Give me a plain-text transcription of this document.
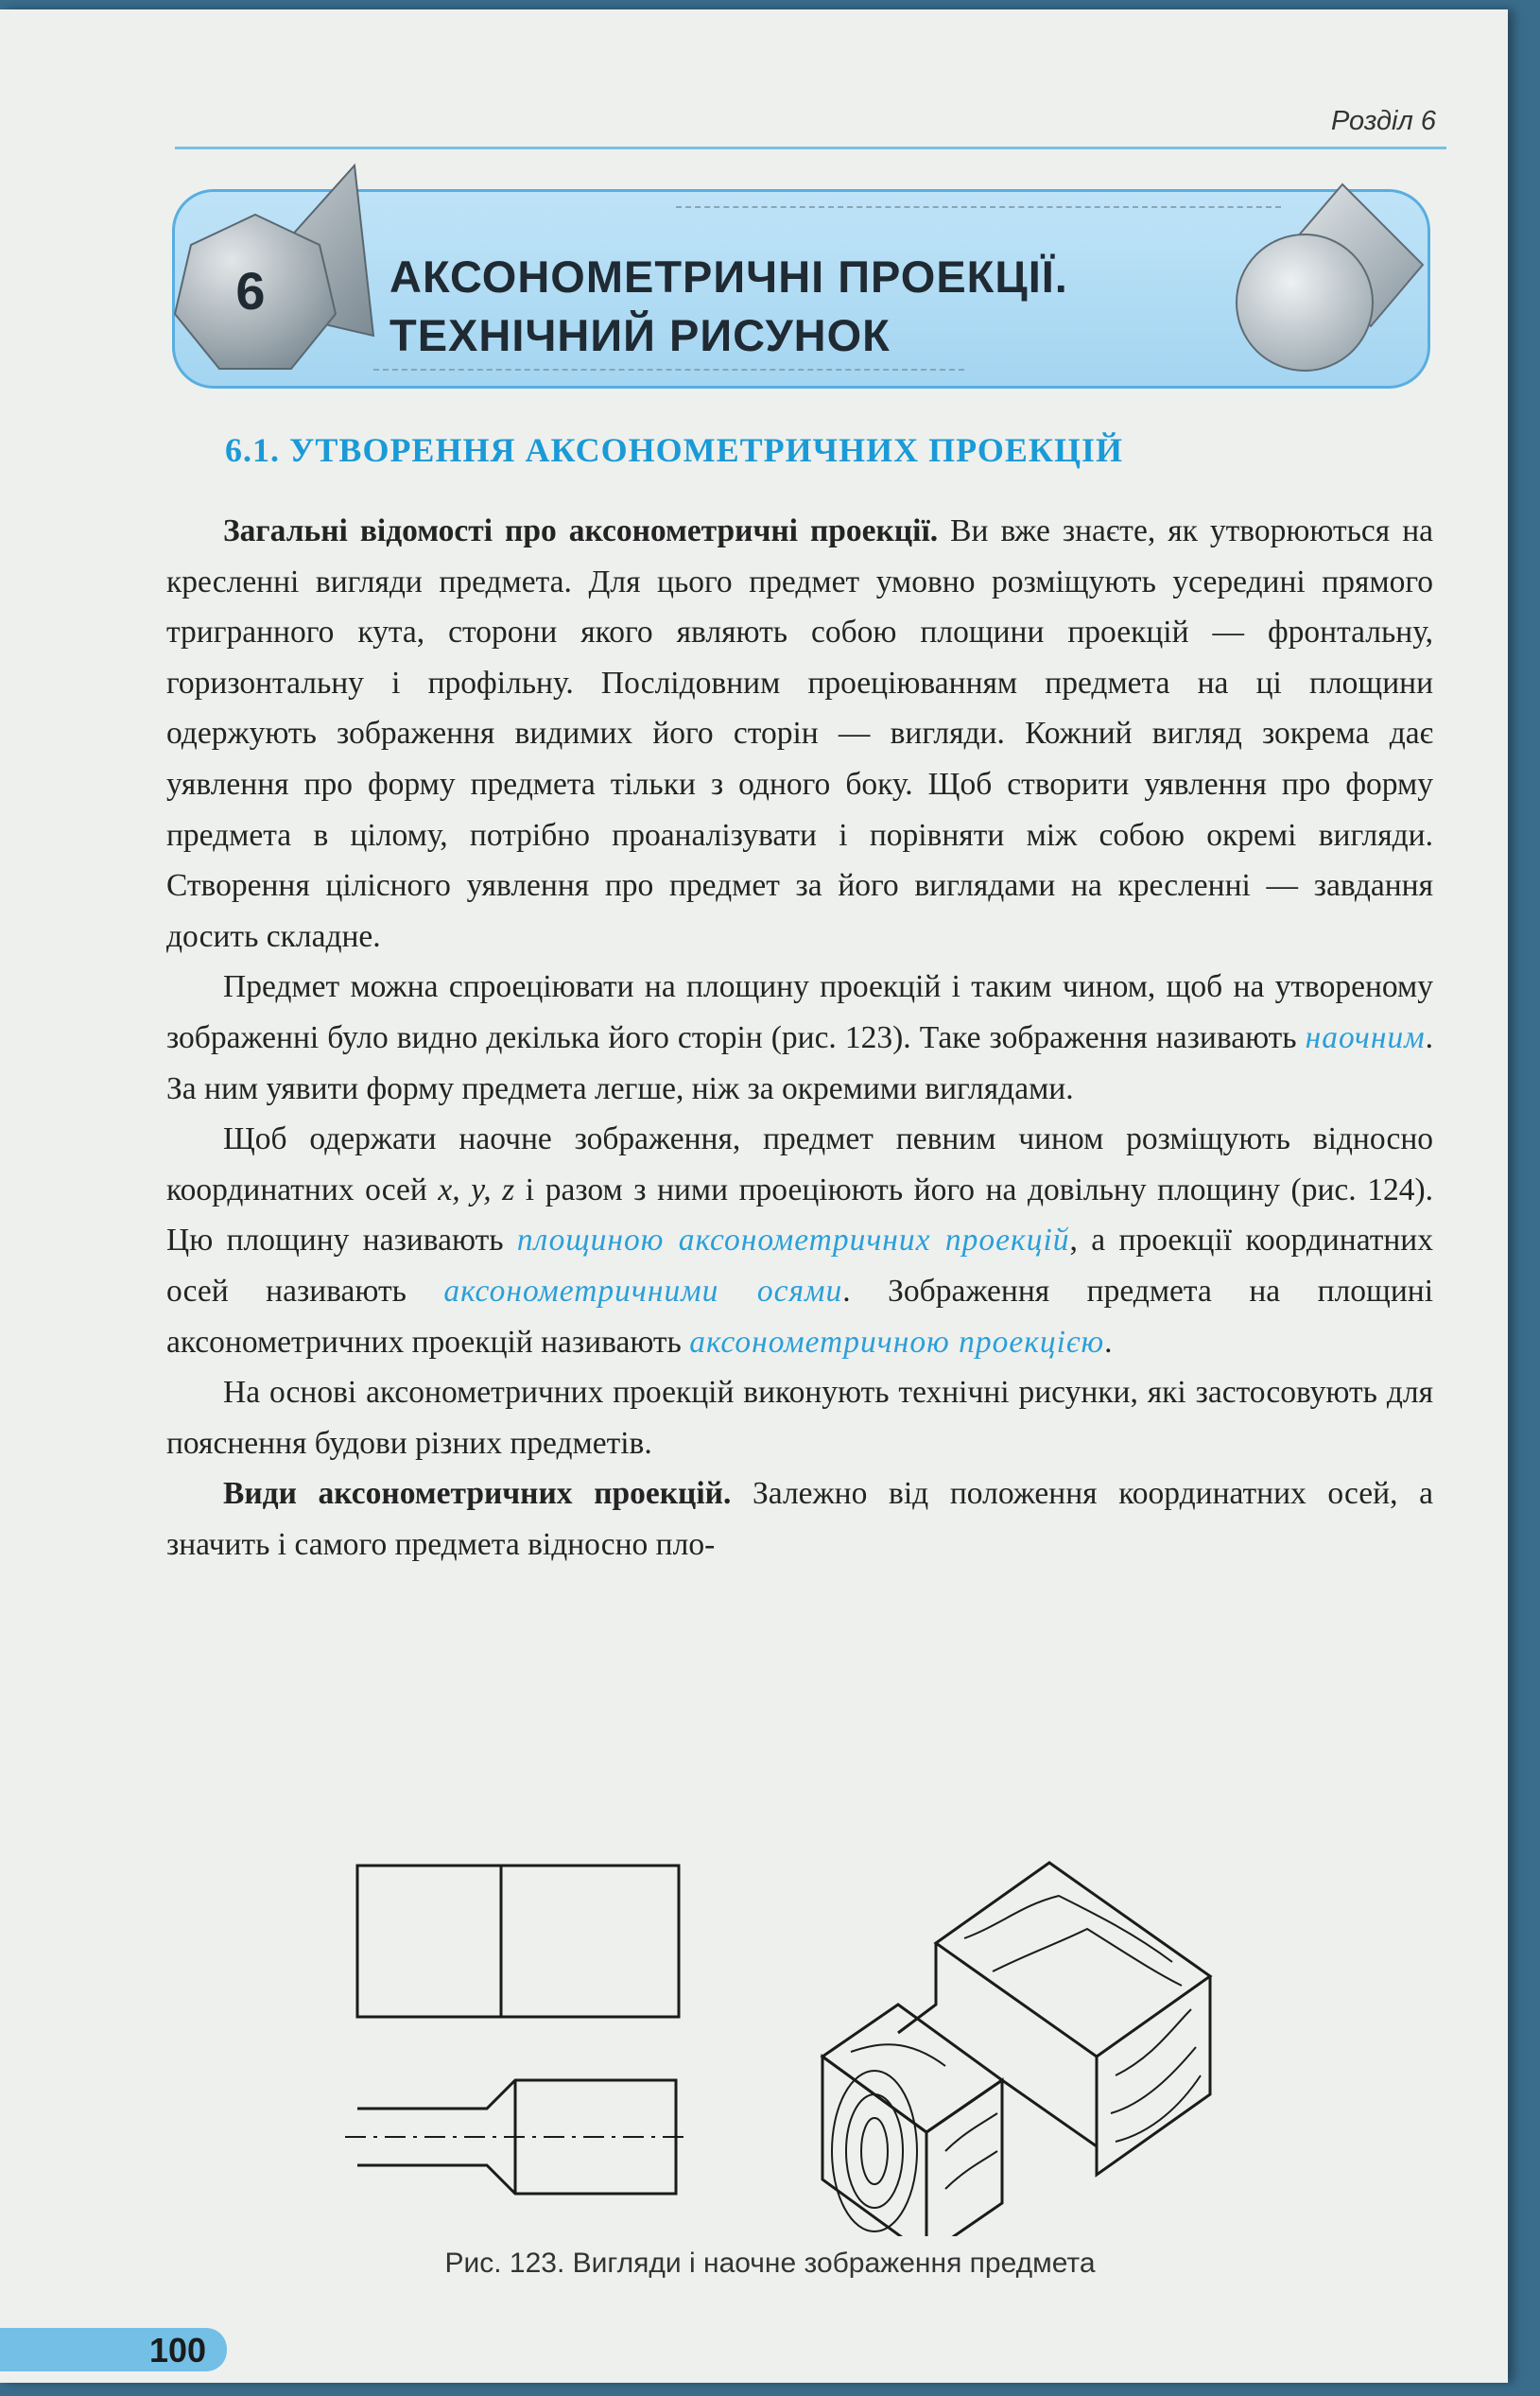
Розділ 6
6	АКСОНОМЕТРИЧНІ ПРОЕКЦІЇ.
ТЕХНІЧНИЙ РИСУНОК
6.1. УТВОРЕННЯ АКСОНОМЕТРИЧНИХ ПРОЕКЦІЙ

Загальні відомості про аксонометричні проекції. Ви вже знаєте, як утворюються на кресленні вигляди предмета. Для цього предмет умовно розміщують усередині прямого тригранного кута, сторони якого являють собою площини проекцій — фронтальну, горизонтальну і профільну. Послідовним проеціюванням предмета на ці площини одержують зображення видимих його сторін — вигляди. Кожний вигляд зокрема дає уявлення про форму предмета тільки з одного боку. Щоб створити уявлення про форму предмета в цілому, потрібно проаналізувати і порівняти між собою окремі вигляди. Створення цілісного уявлення про предмет за його виглядами на кресленні — завдання досить складне.

Предмет можна спроеціювати на площину проекцій і таким чином, щоб на утвореному зображенні було видно декілька його сторін (рис. 123). Таке зображення називають наочним. За ним уявити форму предмета легше, ніж за окремими виглядами.

Щоб одержати наочне зображення, предмет певним чином розміщують відносно координатних осей x, y, z і разом з ними проеціюють його на довільну площину (рис. 124). Цю площину називають площиною аксонометричних проекцій, а проекції координатних осей називають аксонометричними осями. Зображення предмета на площині аксонометричних проекцій називають аксонометричною проекцією.

На основі аксонометричних проекцій виконують технічні рисунки, які застосовують для пояснення будови різних предметів.

Види аксонометричних проекцій. Залежно від положення координатних осей, а значить і самого предмета відносно пло-

Рис. 123. Вигляди і наочне зображення предмета
100
